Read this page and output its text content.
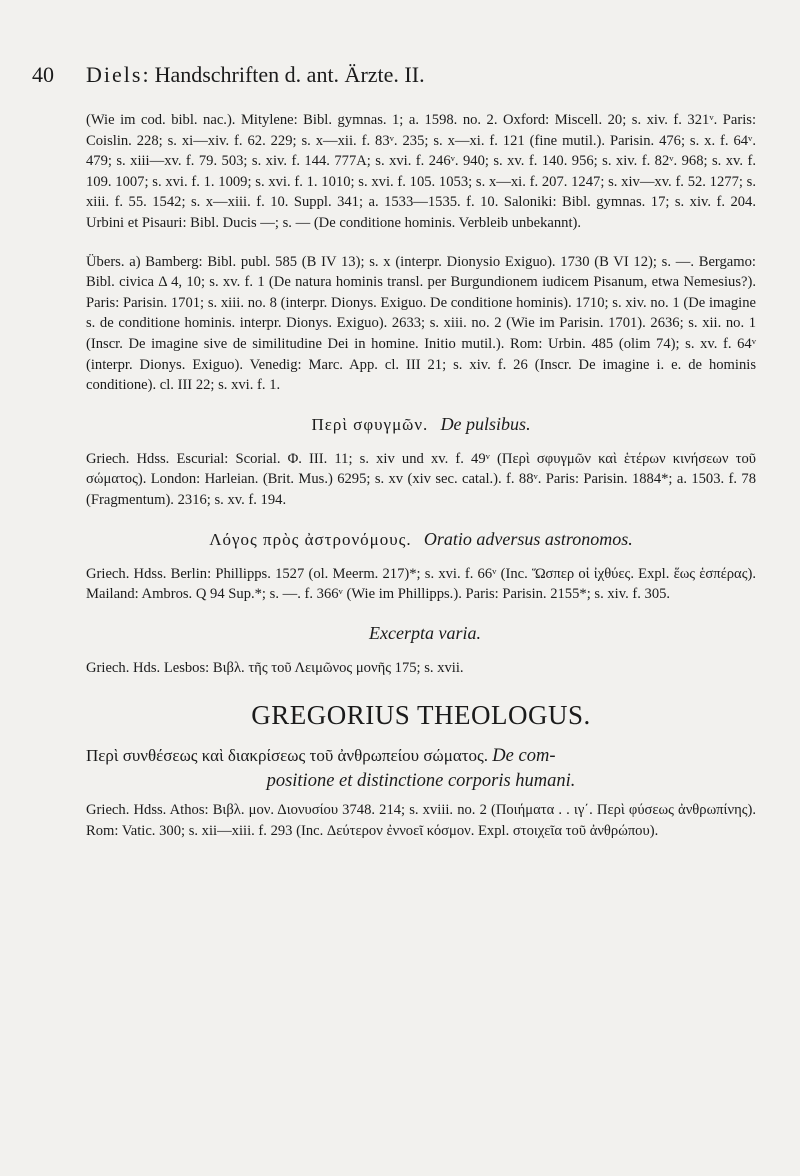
40	Diels: Handschriften d. ant. Ärzte. II.

(Wie im cod. bibl. nac.). Mitylene: Bibl. gymnas. 1; a. 1598. no. 2. Oxford: Miscell. 20; s. xiv. f. 321ᵛ. Paris: Coislin. 228; s. xi—xiv. f. 62. 229; s. x—xii. f. 83ᵛ. 235; s. x—xi. f. 121 (fine mutil.). Parisin. 476; s. x. f. 64ᵛ. 479; s. xiii—xv. f. 79. 503; s. xiv. f. 144. 777A; s. xvi. f. 246ᵛ. 940; s. xv. f. 140. 956; s. xiv. f. 82ᵛ. 968; s. xv. f. 109. 1007; s. xvi. f. 1. 1009; s. xvi. f. 1. 1010; s. xvi. f. 105. 1053; s. x—xi. f. 207. 1247; s. xiv—xv. f. 52. 1277; s. xiii. f. 55. 1542; s. x—xiii. f. 10. Suppl. 341; a. 1533—1535. f. 10. Saloniki: Bibl. gymnas. 17; s. xiv. f. 204. Urbini et Pisauri: Bibl. Ducis —; s. — (De conditione hominis. Verbleib unbekannt).

Übers. a) Bamberg: Bibl. publ. 585 (B IV 13); s. x (interpr. Dionysio Exiguo). 1730 (B VI 12); s. —. Bergamo: Bibl. civica Δ 4, 10; s. xv. f. 1 (De natura hominis transl. per Burgundionem iudicem Pisanum, etwa Nemesius?). Paris: Parisin. 1701; s. xiii. no. 8 (interpr. Dionys. Exiguo. De conditione hominis). 1710; s. xiv. no. 1 (De imagine s. de conditione hominis. interpr. Dionys. Exiguo). 2633; s. xiii. no. 2 (Wie im Parisin. 1701). 2636; s. xii. no. 1 (Inscr. De imagine sive de similitudine Dei in homine. Initio mutil.). Rom: Urbin. 485 (olim 74); s. xv. f. 64ᵛ (interpr. Dionys. Exiguo). Venedig: Marc. App. cl. III 21; s. xiv. f. 26 (Inscr. De imagine i. e. de hominis conditione). cl. III 22; s. xvi. f. 1.

Περὶ σφυγμῶν. De pulsibus.

Griech. Hdss. Escurial: Scorial. Φ. III. 11; s. xiv und xv. f. 49ᵛ (Περὶ σφυγμῶν καὶ ἑτέρων κινήσεων τοῦ σώματος). London: Harleian. (Brit. Mus.) 6295; s. xv (xiv sec. catal.). f. 88ᵛ. Paris: Parisin. 1884*; a. 1503. f. 78 (Fragmentum). 2316; s. xv. f. 194.

Λόγος πρὸς ἀστρονόμους. Oratio adversus astronomos.

Griech. Hdss. Berlin: Phillipps. 1527 (ol. Meerm. 217)*; s. xvi. f. 66ᵛ (Inc. Ὥσπερ οἱ ἰχθύες. Expl. ἕως ἑσπέρας). Mailand: Ambros. Q 94 Sup.*; s. —. f. 366ᵛ (Wie im Phillipps.). Paris: Parisin. 2155*; s. xiv. f. 305.

Excerpta varia.

Griech. Hds. Lesbos: Βιβλ. τῆς τοῦ Λειμῶνος μονῆς 175; s. xvii.

GREGORIUS THEOLOGUS.

Περὶ συνθέσεως καὶ διακρίσεως τοῦ ἀνθρωπείου σώματος. De com-
positione et distinctione corporis humani.

Griech. Hdss. Athos: Βιβλ. μον. Διονυσίου 3748. 214; s. xviii. no. 2 (Ποιήματα . . ιγ΄. Περὶ φύσεως ἀνθρωπίνης). Rom: Vatic. 300; s. xii—xiii. f. 293 (Inc. Δεύτερον ἐννοεῖ κόσμον. Expl. στοιχεῖα τοῦ ἀνθρώπου).
